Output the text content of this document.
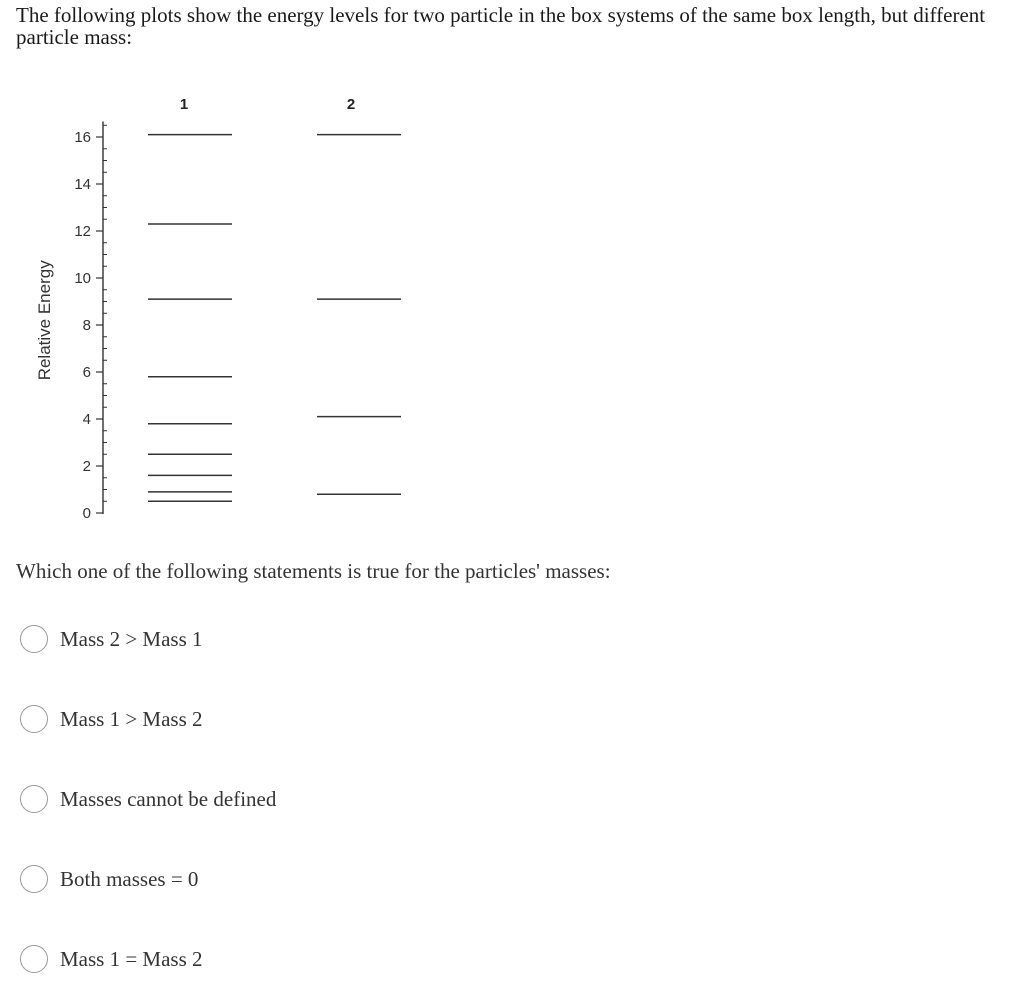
The following plots show the energy levels for two particle in the box systems of the same box length, but different particle mass:
0
2
4
6
8
10
12
14
16
Relative Energy
1	2
Which one of the following statements is true for the particles' masses:
Mass 2 > Mass 1
Mass 1 > Mass 2
Masses cannot be defined
Both masses = 0
Mass 1 = Mass 2
